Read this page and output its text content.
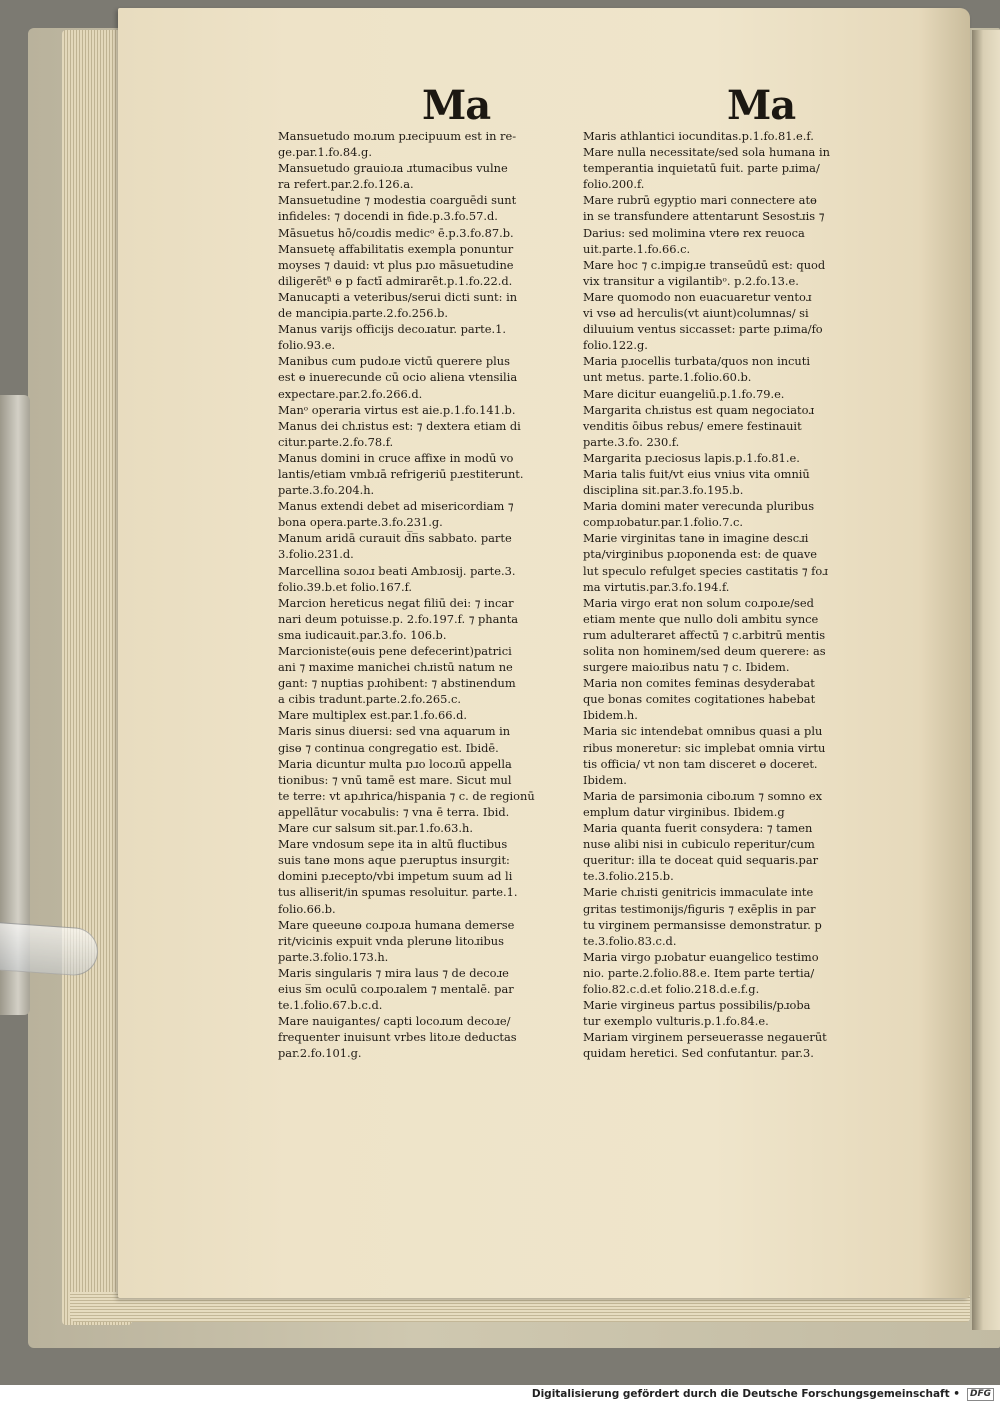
Ma	Ma
Mansuetudo moɹum pɹecipuum est in re-
ge.par.1.fo.84.g.
Mansuetudo grauioɹa ɹtumacibus vulne
ra refert.par.2.fo.126.a.
Mansuetudine ⁊ modestia coarguēdi sunt
infideles: ⁊ docendi in fide.p.3.fo.57.d.
Māsuetus hō/coɹdis medicᵒ ē.p.3.fo.87.b.
Mansuetę affabilitatis exempla ponuntur
moyses ⁊ dauid: vt plus pɹo māsuetudine
diligerētᵘ̄ ɵ p factī admirarēt.p.1.fo.22.d.
Manucapti a veteribus/serui dicti sunt: in
de mancipia.parte.2.fo.256.b.
Manus varijs officijs decoɹatur. parte.1.
folio.93.e.
Manibus cum pudoɹe victū querere plus
est ɵ inuerecunde cū ocio aliena vtensilia
expectare.par.2.fo.266.d.
Manᵒ operaria virtus est aie.p.1.fo.141.b.
Manus dei chɹistus est: ⁊ dextera etiam di
citur.parte.2.fo.78.f.
Manus domini in cruce affixe in modū vo
lantis/etiam vmbɹā refrigeriū pɹestiterunt.
parte.3.fo.204.h.
Manus extendi debet ad misericordiam ⁊
bona opera.parte.3.fo.231.g.
Manum aridā curauit d̅n̅s sabbato. parte
3.folio.231.d.
Marcellina soɹoɹ beati Ambɹosij. parte.3.
folio.39.b.et folio.167.f.
Marcion hereticus negat filiū dei: ⁊ incar
nari deum potuisse.p. 2.fo.197.f. ⁊ phanta
sma iudicauit.par.3.fo. 106.b.
Marcioniste(ɵuis pene defecerint)patrici
ani ⁊ maxime manichei chɹistū natum ne
gant: ⁊ nuptias pɹohibent: ⁊ abstinendum
a cibis tradunt.parte.2.fo.265.c.
Mare multiplex est.par.1.fo.66.d.
Maris sinus diuersi: sed vna aquarum in
gisɵ ⁊ continua congregatio est. Ibidē.
Maria dicuntur multa pɹo locoɹū appella
tionibus: ⁊ vnū tamē est mare. Sicut mul
te terre: vt apɹhrica/hispania ⁊ c. de regionū
appellātur vocabulis: ⁊ vna ē terra. Ibid.
Mare cur salsum sit.par.1.fo.63.h.
Mare vndosum sepe ita in altū fluctibus
suis tanɵ mons aque pɹeruptus insurgit:
domini pɹecepto/vbi impetum suum ad li
tus alliserit/in spumas resoluitur. parte.1.
folio.66.b.
Mare queeunɵ coɹpoɹa humana demerse
rit/vicinis expuit vnda plerunɵ litoɹibus
parte.3.folio.173.h.
Maris singularis ⁊ mira laus ⁊ de decoɹe
eius s̅m oculū coɹpoɹalem ⁊ mentalē. par
te.1.folio.67.b.c.d.
Mare nauigantes/ capti locoɹum decoɹe/
frequenter inuisunt vrbes litoɹe deductas
par.2.fo.101.g.
Maris athlantici iocunditas.p.1.fo.81.e.f.
Mare nulla necessitate/sed sola humana in
temperantia inquietatū fuit. parte pɹima/
folio.200.f.
Mare rubrū egyptio mari connectere atɵ
in se transfundere attentarunt Sesostɹis ⁊
Darius: sed molimina vterɵ rex reuoca
uit.parte.1.fo.66.c.
Mare hoc ⁊ c.impigɹe transeūdū est: quod
vix transitur a vigilantibᵒ. p.2.fo.13.e.
Mare quomodo non euacuaretur ventoɹ
vi vsɵ ad herculis(vt aiunt)columnas/ si
diluuium ventus siccasset: parte pɹima/fo
folio.122.g.
Maria pɹocellis turbata/quos non incuti
unt metus. parte.1.folio.60.b.
Mare dicitur euangeliū.p.1.fo.79.e.
Margarita chɹistus est quam negociatoɹ
venditis ōibus rebus/ emere festinauit
parte.3.fo. 230.f.
Margarita pɹeciosus lapis.p.1.fo.81.e.
Maria talis fuit/vt eius vnius vita omniū
disciplina sit.par.3.fo.195.b.
Maria domini mater verecunda pluribus
compɹobatur.par.1.folio.7.c.
Marie virginitas tanɵ in imagine descɹi
pta/virginibus pɹoponenda est: de quave
lut speculo refulget species castitatis ⁊ foɹ
ma virtutis.par.3.fo.194.f.
Maria virgo erat non solum coɹpoɹe/sed
etiam mente que nullo doli ambitu synce
rum adulteraret affectū ⁊ c.arbitrū mentis
solita non hominem/sed deum querere: as
surgere maioɹibus natu ⁊ c. Ibidem.
Maria non comites feminas desyderabat
que bonas comites cogitationes habebat
Ibidem.h.
Maria sic intendebat omnibus quasi a plu
ribus moneretur: sic implebat omnia virtu
tis officia/ vt non tam disceret ɵ doceret.
Ibidem.
Maria de parsimonia ciboɹum ⁊ somno ex
emplum datur virginibus. Ibidem.g
Maria quanta fuerit consydera: ⁊ tamen
nusɵ alibi nisi in cubiculo reperitur/cum
queritur: illa te doceat quid sequaris.par
te.3.folio.215.b.
Marie chɹisti genitricis immaculate inte
gritas testimonijs/figuris ⁊ exēplis in par
tu virginem permansisse demonstratur. p
te.3.folio.83.c.d.
Maria virgo pɹobatur euangelico testimo
nio. parte.2.folio.88.e. Item parte tertia/
folio.82.c.d.et folio.218.d.e.f.g.
Marie virgineus partus possibilis/pɹoba
tur exemplo vulturis.p.1.fo.84.e.
Mariam virginem perseuerasse negauerūt
quidam heretici. Sed confutantur. par.3.
Digitalisierung gefördert durch die Deutsche Forschungsgemeinschaft •	DFG
